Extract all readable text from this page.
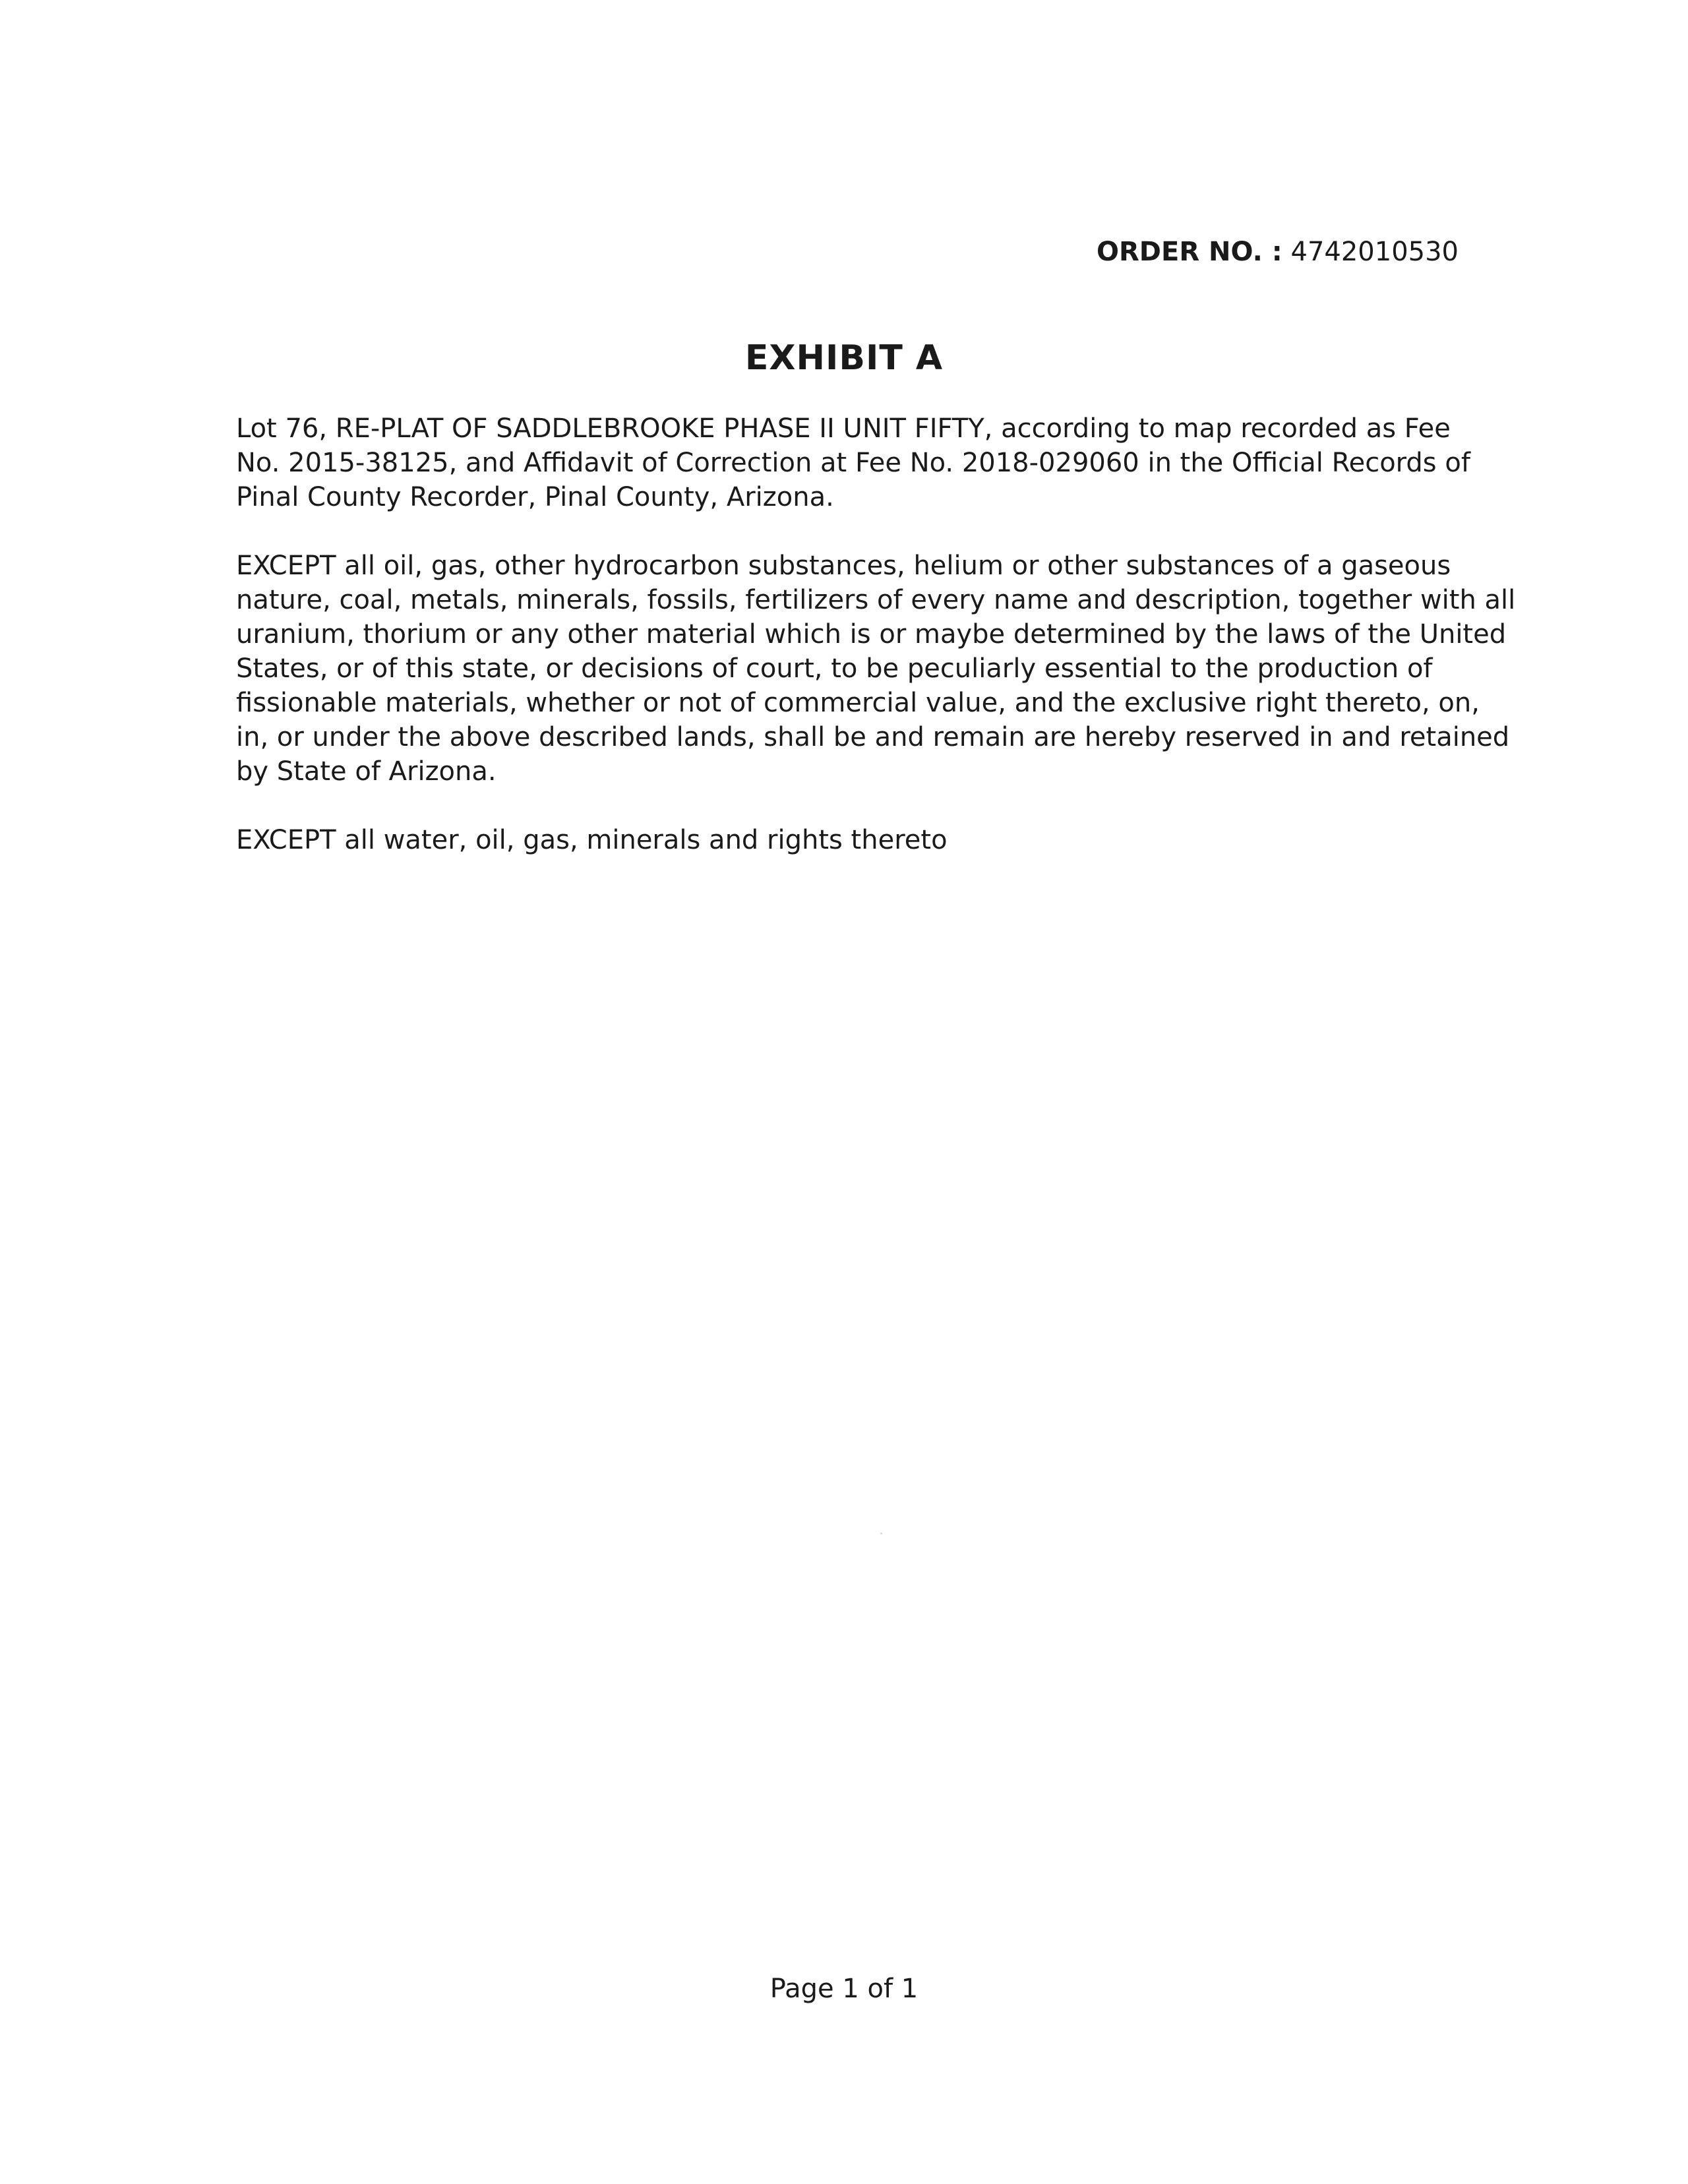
ORDER NO. : 4742010530
EXHIBIT A

Lot 76, RE-PLAT OF SADDLEBROOKE PHASE II UNIT FIFTY, according to map recorded as Fee
No. 2015-38125, and Affidavit of Correction at Fee No. 2018-029060 in the Official Records of
Pinal County Recorder, Pinal County, Arizona.

EXCEPT all oil, gas, other hydrocarbon substances, helium or other substances of a gaseous
nature, coal, metals, minerals, fossils, fertilizers of every name and description, together with all
uranium, thorium or any other material which is or maybe determined by the laws of the United
States, or of this state, or decisions of court, to be peculiarly essential to the production of
fissionable materials, whether or not of commercial value, and the exclusive right thereto, on,
in, or under the above described lands, shall be and remain are hereby reserved in and retained
by State of Arizona.

EXCEPT all water, oil, gas, minerals and rights thereto

Page 1 of 1
